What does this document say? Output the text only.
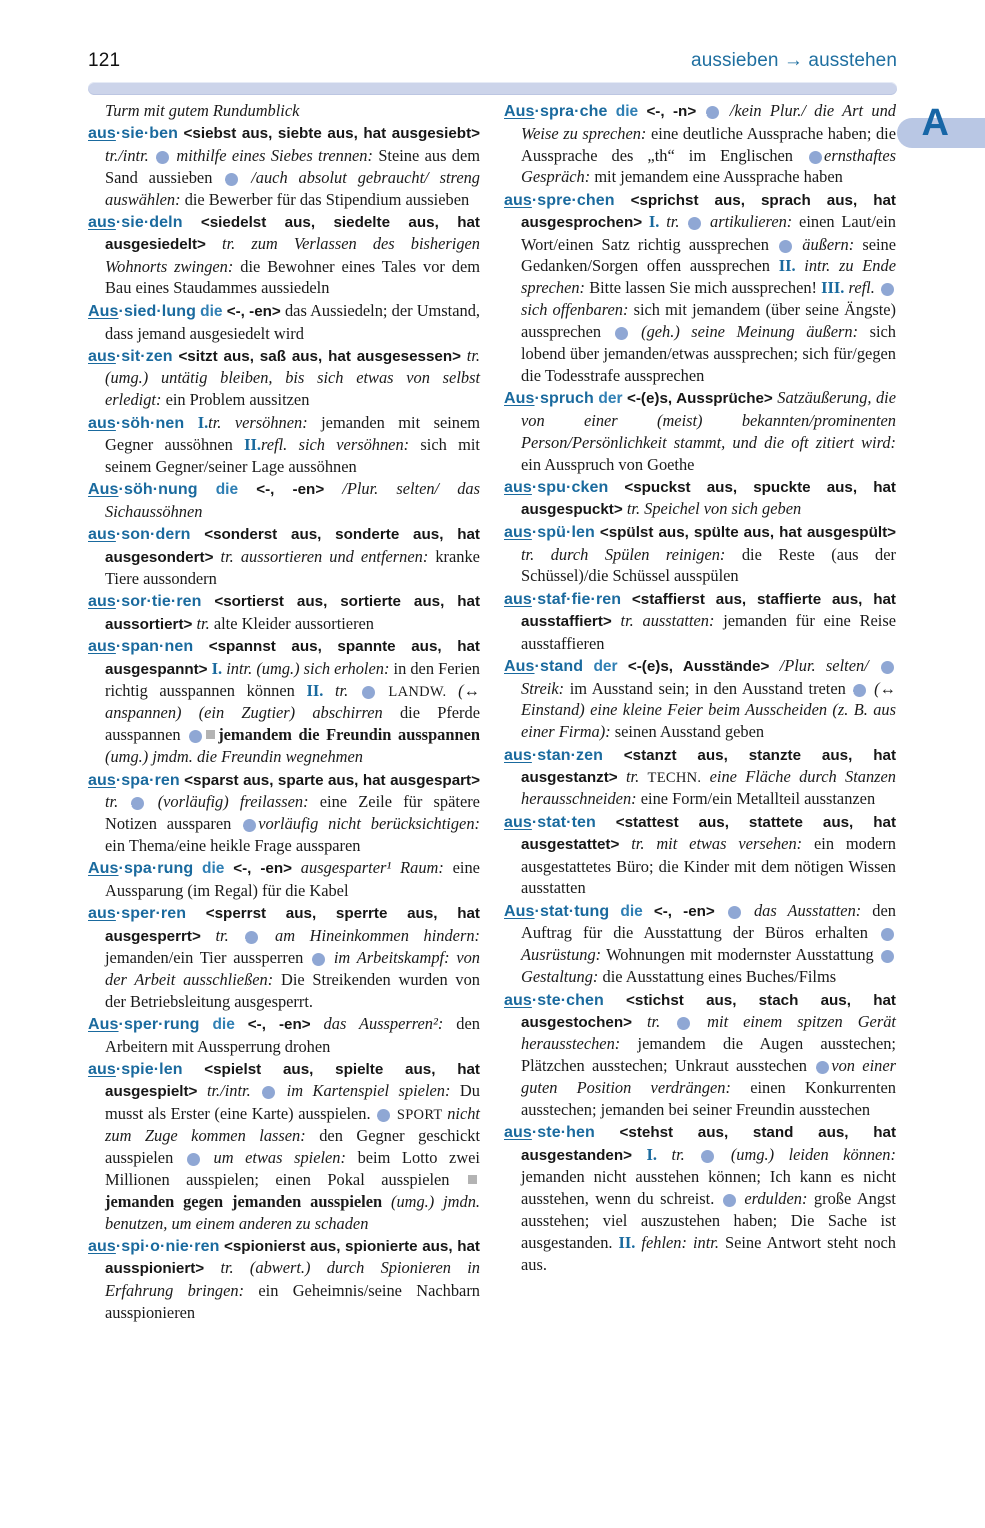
121	aussieben → ausstehen
A
Turm mit gutem Rundumblick
aus·sie·ben <siebst aus, siebte aus, hat ausgesiebt> tr./intr. 1 mithilfe eines Siebes trennen: Steine aus dem Sand aussieben 2 /auch absolut gebraucht/ streng auswählen: die Bewerber für das Stipendium aussieben
aus·sie·deln <siedelst aus, siedelte aus, hat ausgesiedelt> tr. zum Verlassen des bisherigen Wohnorts zwingen: die Bewohner eines Tales vor dem Bau eines Staudammes aussiedeln
Aus·sied·lung die <-, -en> das Aussiedeln; der Umstand, dass jemand ausgesiedelt wird
aus·sit·zen <sitzt aus, saß aus, hat ausgesessen> tr. (umg.) untätig bleiben, bis sich etwas von selbst erledigt: ein Problem aussitzen
aus·söh·nen I.tr. versöhnen: jemanden mit seinem Gegner aussöhnen II.refl. sich versöhnen: sich mit seinem Gegner/seiner Lage aussöhnen
Aus·söh·nung die <-, -en> /Plur. selten/ das Sichaussöhnen
aus·son·dern <sonderst aus, sonderte aus, hat ausgesondert> tr. aussortieren und entfernen: kranke Tiere aussondern
aus·sor·tie·ren <sortierst aus, sortierte aus, hat aussortiert> tr. alte Kleider aussortieren
aus·span·nen <spannst aus, spannte aus, hat ausgespannt> I. intr. (umg.) sich erholen: in den Ferien richtig ausspannen können II. tr. 1 LANDW. (↔ anspannen) (ein Zugtier) abschirren die Pferde ausspannen 2 jemandem die Freundin ausspannen (umg.) jmdm. die Freundin wegnehmen
aus·spa·ren <sparst aus, sparte aus, hat ausgespart> tr. 1 (vorläufig) freilassen: eine Zeile für spätere Notizen aussparen 2 vorläufig nicht berücksichtigen: ein Thema/eine heikle Frage aussparen
Aus·spa·rung die <-, -en> ausgesparter¹ Raum: eine Aussparung (im Regal) für die Kabel
aus·sper·ren <sperrst aus, sperrte aus, hat ausgesperrt> tr. 1 am Hineinkommen hindern: jemanden/ein Tier aussperren 2 im Arbeitskampf: von der Arbeit ausschließen: Die Streikenden wurden von der Betriebsleitung ausgesperrt.
Aus·sper·rung die <-, -en> das Aussperren²: den Arbeitern mit Aussperrung drohen
aus·spie·len <spielst aus, spielte aus, hat ausgespielt> tr./intr. 1 im Kartenspiel spielen: Du musst als Erster (eine Karte) ausspielen. 2 SPORT nicht zum Zuge kommen lassen: den Gegner geschickt ausspielen 3 um etwas spielen: beim Lotto zwei Millionen ausspielen; einen Pokal ausspielen jemanden gegen jemanden ausspielen (umg.) jmdn. benutzen, um einem anderen zu schaden
aus·spi·o·nie·ren <spionierst aus, spionierte aus, hat ausspioniert> tr. (abwert.) durch Spionieren in Erfahrung bringen: ein Geheimnis/seine Nachbarn ausspionieren
Aus·spra·che die <-, -n> 1 /kein Plur./ die Art und Weise zu sprechen: eine deutliche Aussprache haben; die Aussprache des „th“ im Englischen 2 ernsthaftes Gespräch: mit jemandem eine Aussprache haben
aus·spre·chen <sprichst aus, sprach aus, hat ausgesprochen> I. tr. 1 artikulieren: einen Laut/ein Wort/einen Satz richtig aussprechen 2 äußern: seine Gedanken/Sorgen offen aussprechen II. intr. zu Ende sprechen: Bitte lassen Sie mich aussprechen! III. refl. 1 sich offenbaren: sich mit jemandem (über seine Ängste) aussprechen 2 (geh.) seine Meinung äußern: sich lobend über jemanden/etwas aussprechen; sich für/gegen die Todesstrafe aussprechen
Aus·spruch der <-(e)s, Aussprüche> Satzäußerung, die von einer (meist) bekannten/prominenten Person/Persönlichkeit stammt, und die oft zitiert wird: ein Ausspruch von Goethe
aus·spu·cken <spuckst aus, spuckte aus, hat ausgespuckt> tr. Speichel von sich geben
aus·spü·len <spülst aus, spülte aus, hat ausgespült> tr. durch Spülen reinigen: die Reste (aus der Schüssel)/die Schüssel ausspülen
aus·staf·fie·ren <staffierst aus, staffierte aus, hat ausstaffiert> tr. ausstatten: jemanden für eine Reise ausstaffieren
Aus·stand der <-(e)s, Ausstände> /Plur. selten/ 1 Streik: im Ausstand sein; in den Ausstand treten 2 (↔ Einstand) eine kleine Feier beim Ausscheiden (z. B. aus einer Firma): seinen Ausstand geben
aus·stan·zen <stanzt aus, stanzte aus, hat ausgestanzt> tr. TECHN. eine Fläche durch Stanzen herausschneiden: eine Form/ein Metallteil ausstanzen
aus·stat·ten <stattest aus, stattete aus, hat ausgestattet> tr. mit etwas versehen: ein modern ausgestattetes Büro; die Kinder mit dem nötigen Wissen ausstatten
Aus·stat·tung die <-, -en> 1 das Ausstatten: den Auftrag für die Ausstattung der Büros erhalten 2Ausrüstung: Wohnungen mit modernster Ausstattung 3 Gestaltung: die Ausstattung eines Buches/Films
aus·ste·chen <stichst aus, stach aus, hat ausgestochen> tr. 1 mit einem spitzen Gerät herausstechen: jemandem die Augen ausstechen; Plätzchen ausstechen; Unkraut ausstechen 2 von einer guten Position verdrängen: einen Konkurrenten ausstechen; jemanden bei seiner Freundin ausstechen
aus·ste·hen <stehst aus, stand aus, hat ausgestanden> I. tr. 1 (umg.) leiden können: jemanden nicht ausstehen können; Ich kann es nicht ausstehen, wenn du schreist. 2 erdulden: große Angst ausstehen; viel auszustehen haben; Die Sache ist ausgestanden. II. fehlen: intr. Seine Antwort steht noch aus.
